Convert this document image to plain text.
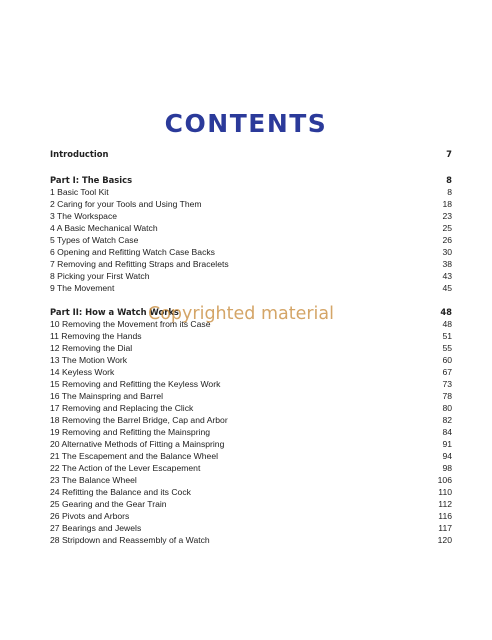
CONTENTS
Introduction	7
Part I: The Basics	8
1 Basic Tool Kit	8
2 Caring for your Tools and Using Them	18
3 The Workspace	23
4 A Basic Mechanical Watch	25
5 Types of Watch Case	26
6 Opening and Refitting Watch Case Backs	30
7 Removing and Refitting Straps and Bracelets	38
8 Picking your First Watch	43
9 The Movement	45
Part II: How a Watch Works	48
10 Removing the Movement from its Case	48
11 Removing the Hands	51
12 Removing the Dial	55
13 The Motion Work	60
14 Keyless Work	67
15 Removing and Refitting the Keyless Work	73
16 The Mainspring and Barrel	78
17 Removing and Replacing the Click	80
18 Removing the Barrel Bridge, Cap and Arbor	82
19 Removing and Refitting the Mainspring	84
20 Alternative Methods of Fitting a Mainspring	91
21 The Escapement and the Balance Wheel	94
22 The Action of the Lever Escapement	98
23 The Balance Wheel	106
24 Refitting the Balance and its Cock	110
25 Gearing and the Gear Train	112
26 Pivots and Arbors	116
27 Bearings and Jewels	117
28 Stripdown and Reassembly of a Watch	120
Copyrighted material
